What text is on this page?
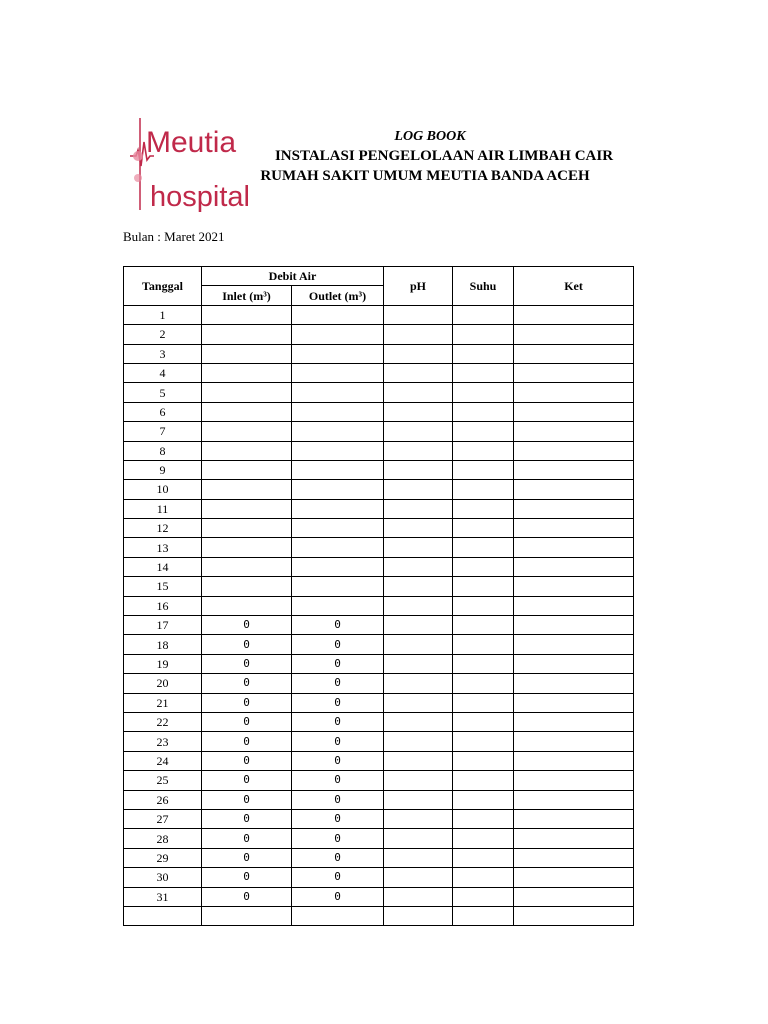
Meutia
hospital
LOG BOOK
INSTALASI PENGELOLAAN AIR LIMBAH CAIR
RUMAH SAKIT UMUM MEUTIA BANDA ACEH
Bulan : Maret 2021
Tanggal	Debit Air		pH	Suhu	Ket
	Inlet (m³)	Outlet (m³)			
1					
2					
3					
4					
5					
6					
7					
8					
9					
10					
11					
12					
13					
14					
15					
16					
17	0	0			
18	0	0			
19	0	0			
20	0	0			
21	0	0			
22	0	0			
23	0	0			
24	0	0			
25	0	0			
26	0	0			
27	0	0			
28	0	0			
29	0	0			
30	0	0			
31	0	0			
